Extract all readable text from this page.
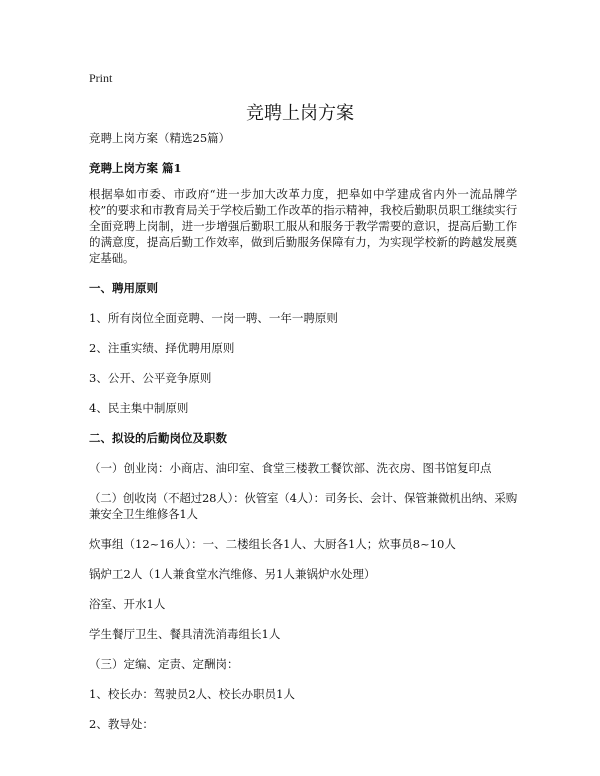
Print
竞聘上岗方案

竞聘上岗方案（精选25篇）

竞聘上岗方案 篇1

根据皋如市委、市政府“进一步加大改革力度，把皋如中学建成省内外一流品牌学校”的要求和市教育局关于学校后勤工作改革的指示精神，我校后勤职员职工继续实行全面竞聘上岗制，进一步增强后勤职工服从和服务于教学需要的意识，提高后勤工作的满意度，提高后勤工作效率，做到后勤服务保障有力，为实现学校新的跨越发展奠定基础。

一、聘用原则

1、所有岗位全面竞聘、一岗一聘、一年一聘原则

2、注重实绩、择优聘用原则

3、公开、公平竞争原则

4、民主集中制原则

二、拟设的后勤岗位及职数

（一）创业岗：小商店、油印室、食堂三楼教工餐饮部、洗衣房、图书馆复印点

（二）创收岗（不超过28人）：伙管室（4人）：司务长、会计、保管兼微机出纳、采购兼安全卫生维修各1人

炊事组（12~16人）：一、二楼组长各1人、大厨各1人；炊事员8~10人

锅炉工2人（1人兼食堂水汽维修、另1人兼锅炉水处理）

浴室、开水1人

学生餐厅卫生、餐具清洗消毒组长1人

（三）定编、定责、定酬岗：

1、校长办：驾驶员2人、校长办职员1人

2、教导处：
